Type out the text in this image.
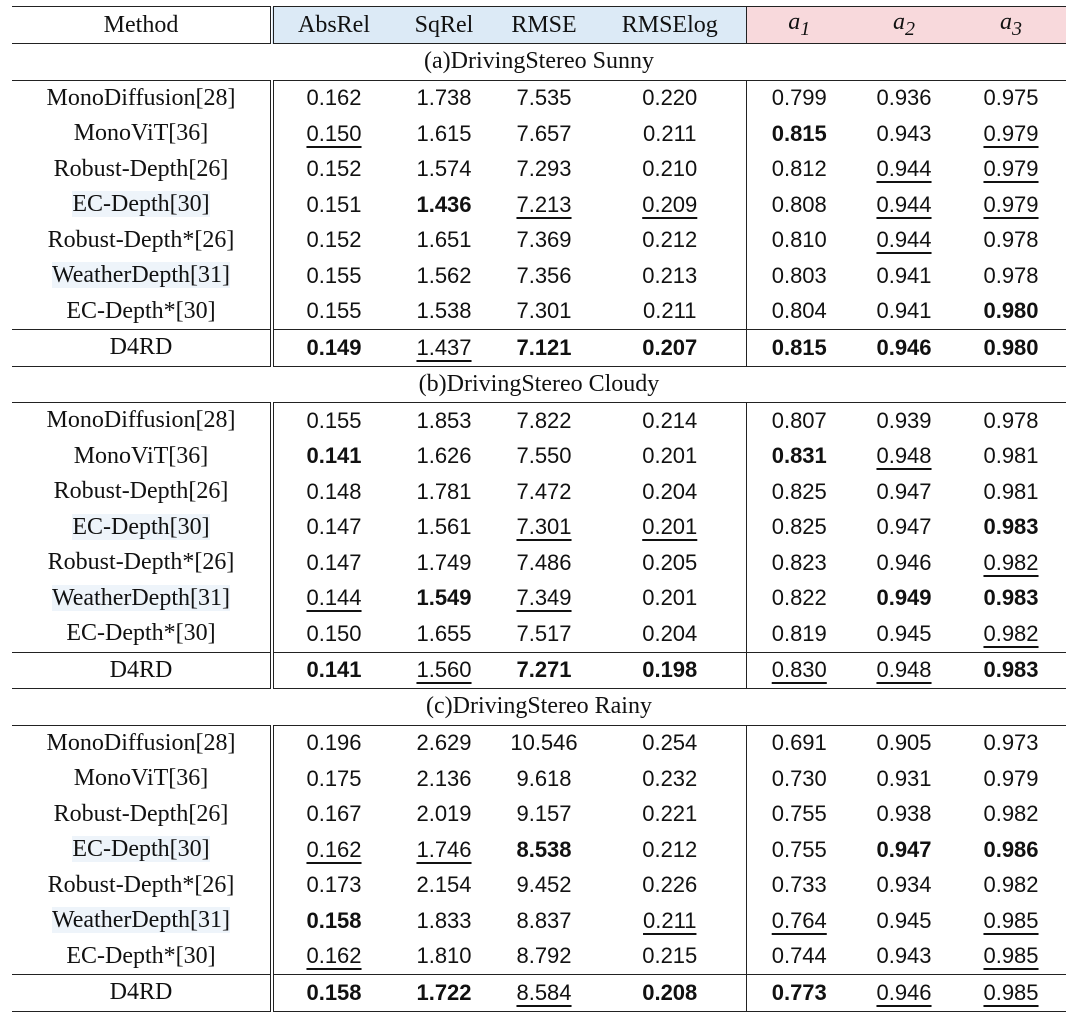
Method	AbsRel	SqRel	RMSE	RMSElog	$a_1$	$a_2$	$a_3$
(a)DrivingStereo Sunny							
MonoDiffusion[28]	0.162	1.738	7.535	0.220	0.799	0.936	0.975
MonoViT[36]	0.150	1.615	7.657	0.211	0.815	0.943	0.979
Robust-Depth[26]	0.152	1.574	7.293	0.210	0.812	0.944	0.979
EC-Depth[30]	0.151	1.436	7.213	0.209	0.808	0.944	0.979
Robust-Depth*[26]	0.152	1.651	7.369	0.212	0.810	0.944	0.978
WeatherDepth[31]	0.155	1.562	7.356	0.213	0.803	0.941	0.978
EC-Depth*[30]	0.155	1.538	7.301	0.211	0.804	0.941	0.980
D4RD	0.149	1.437	7.121	0.207	0.815	0.946	0.980
(b)DrivingStereo Cloudy							
MonoDiffusion[28]	0.155	1.853	7.822	0.214	0.807	0.939	0.978
MonoViT[36]	0.141	1.626	7.550	0.201	0.831	0.948	0.981
Robust-Depth[26]	0.148	1.781	7.472	0.204	0.825	0.947	0.981
EC-Depth[30]	0.147	1.561	7.301	0.201	0.825	0.947	0.983
Robust-Depth*[26]	0.147	1.749	7.486	0.205	0.823	0.946	0.982
WeatherDepth[31]	0.144	1.549	7.349	0.201	0.822	0.949	0.983
EC-Depth*[30]	0.150	1.655	7.517	0.204	0.819	0.945	0.982
D4RD	0.141	1.560	7.271	0.198	0.830	0.948	0.983
(c)DrivingStereo Rainy							
MonoDiffusion[28]	0.196	2.629	10.546	0.254	0.691	0.905	0.973
MonoViT[36]	0.175	2.136	9.618	0.232	0.730	0.931	0.979
Robust-Depth[26]	0.167	2.019	9.157	0.221	0.755	0.938	0.982
EC-Depth[30]	0.162	1.746	8.538	0.212	0.755	0.947	0.986
Robust-Depth*[26]	0.173	2.154	9.452	0.226	0.733	0.934	0.982
WeatherDepth[31]	0.158	1.833	8.837	0.211	0.764	0.945	0.985
EC-Depth*[30]	0.162	1.810	8.792	0.215	0.744	0.943	0.985
D4RD	0.158	1.722	8.584	0.208	0.773	0.946	0.985
